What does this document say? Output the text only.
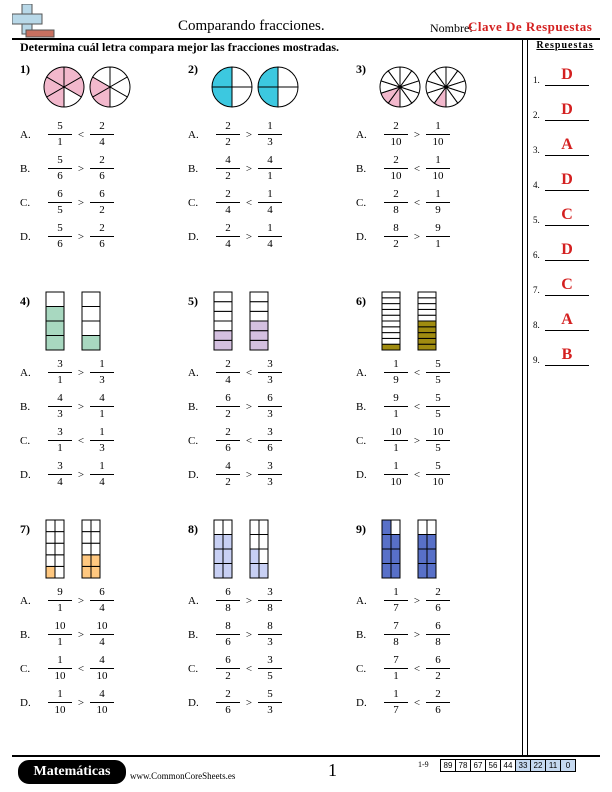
Comparando fracciones.	Nombre:
Clave De Respuestas
Determina cuál letra compara mejor las fracciones mostradas.	Respuestas
1.	D
2.	D
3.	A
4.	D
5.	C
6.	D
7.	C
8.	A
9.	B
1)
A. $\frac{5}{1} < \frac{2}{4}$
B. $\frac{5}{6} > \frac{2}{6}$
C. $\frac{6}{5} > \frac{6}{2}$
D. $\frac{5}{6} > \frac{2}{6}$
2)
A. $\frac{2}{2} > \frac{1}{3}$
B. $\frac{4}{2} > \frac{4}{1}$
C. $\frac{2}{4} < \frac{1}{4}$
D. $\frac{2}{4} > \frac{1}{4}$
3)
A. $\frac{2}{10} > \frac{1}{10}$
B. $\frac{2}{10} < \frac{1}{10}$
C. $\frac{2}{8} < \frac{1}{9}$
D. $\frac{8}{2} > \frac{9}{1}$
4)
A. $\frac{3}{1} > \frac{1}{3}$
B. $\frac{4}{3} > \frac{4}{1}$
C. $\frac{3}{1} < \frac{1}{3}$
D. $\frac{3}{4} > \frac{1}{4}$
5)
A. $\frac{2}{4} < \frac{3}{3}$
B. $\frac{6}{2} > \frac{6}{3}$
C. $\frac{2}{6} < \frac{3}{6}$
D. $\frac{4}{2} > \frac{3}{3}$
6)
A. $\frac{1}{9} < \frac{5}{5}$
B. $\frac{9}{1} < \frac{5}{5}$
C. $\frac{10}{1} > \frac{10}{5}$
D. $\frac{1}{10} < \frac{5}{10}$
7)
A. $\frac{9}{1} > \frac{6}{4}$
B. $\frac{10}{1} > \frac{10}{4}$
C. $\frac{1}{10} < \frac{4}{10}$
D. $\frac{1}{10} > \frac{4}{10}$
8)
A. $\frac{6}{8} > \frac{3}{8}$
B. $\frac{8}{6} > \frac{8}{3}$
C. $\frac{6}{2} < \frac{3}{5}$
D. $\frac{2}{6} > \frac{5}{3}$
9)
A. $\frac{1}{7} > \frac{2}{6}$
B. $\frac{7}{8} > \frac{6}{8}$
C. $\frac{7}{1} < \frac{6}{2}$
D. $\frac{1}{7} < \frac{2}{6}$
Matemáticas	www.CommonCoreSheets.es	1	1-9 89	78	67	56	44	33	22	11	0
